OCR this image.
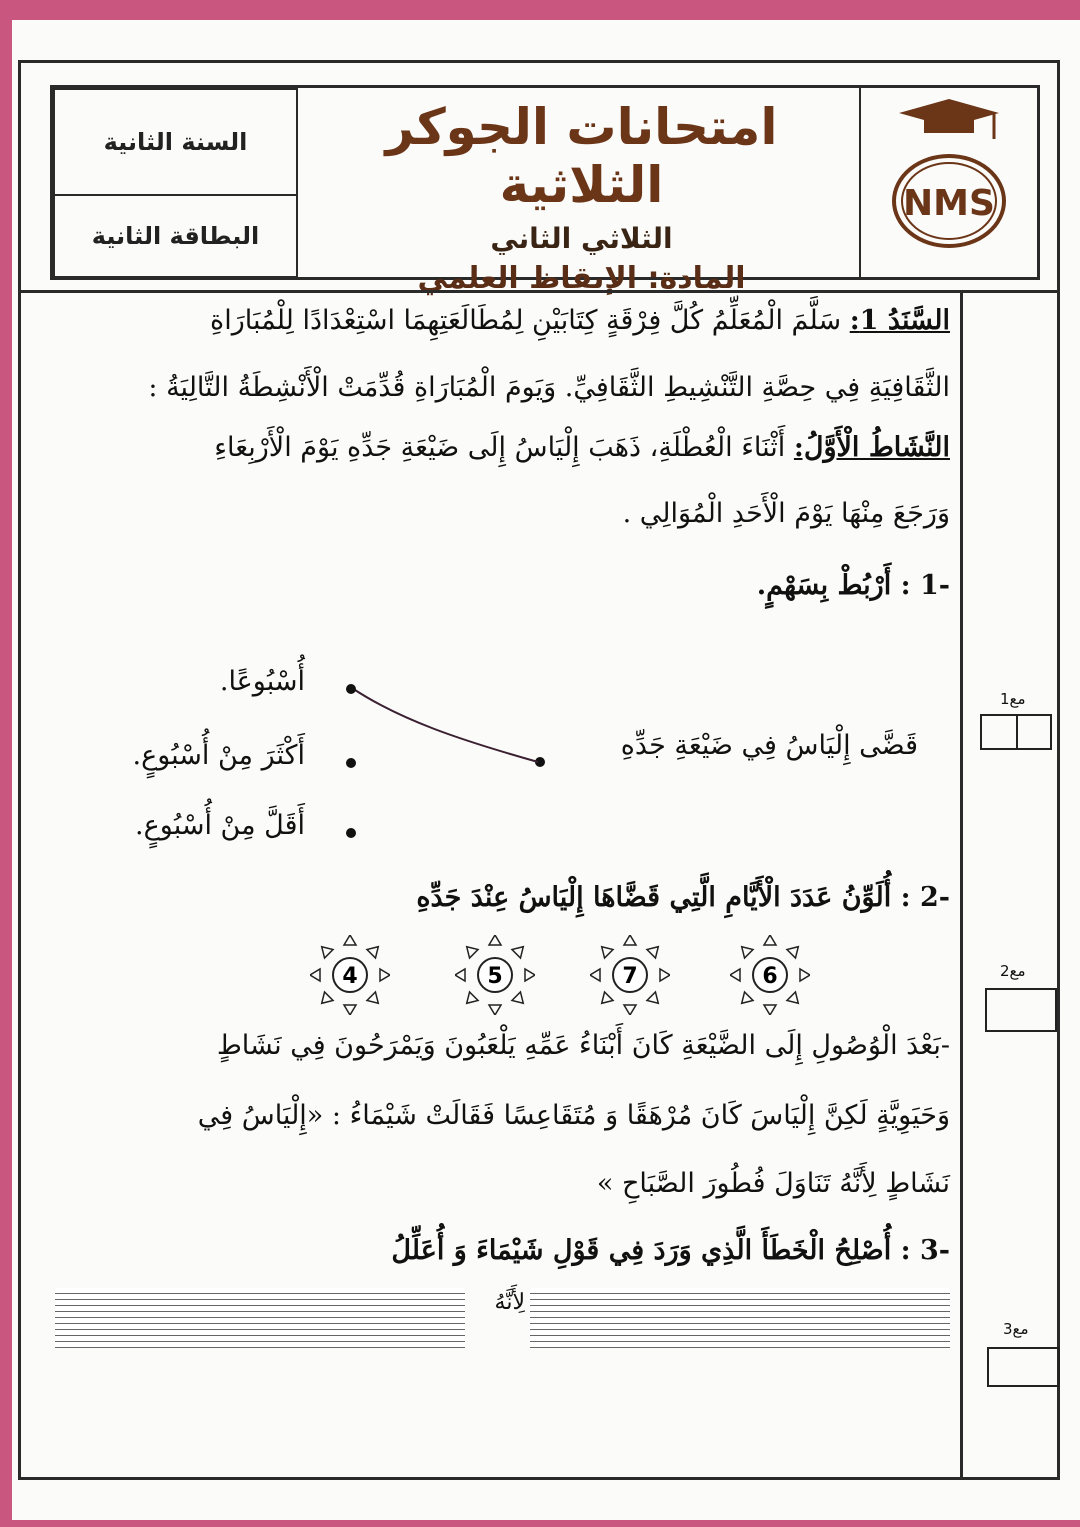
السنة الثانية
البطاقة الثانية
امتحانات الجوكر الثلاثية
الثلاثي الثاني
المادة: الإيقاظ العلمي
NMS
السَّنَدُ 1: سَلَّمَ الْمُعَلِّمُ كُلَّ فِرْقَةٍ كِتَابَيْنِ لِمُطَالَعَتِهِمَا اسْتِعْدَادًا لِلْمُبَارَاةِ
الثَّقَافِيَةِ فِي حِصَّةِ التَّنْشِيطِ الثَّقَافِيِّ. وَيَومَ الْمُبَارَاةِ قُدِّمَتْ الْأَنْشِطَةُ التَّالِيَةُ :
النَّشَاطُ الْأَوَّلُ: أَثْنَاءَ الْعُطْلَةِ، ذَهَبَ إِلْيَاسُ إِلَى ضَيْعَةِ جَدِّهِ يَوْمَ الْأَرْبِعَاءِ
وَرَجَعَ مِنْهَا يَوْمَ الْأَحَدِ الْمُوَالِي .
-1 : أَرْبُطْ بِسَهْمٍ.
قَضَّى إِلْيَاسُ فِي ضَيْعَةِ جَدِّهِ
أُسْبُوعًا.
أَكْثَرَ مِنْ أُسْبُوعٍ.
أَقَلَّ مِنْ أُسْبُوعٍ.
-2 : أُلَوِّنُ عَدَدَ الْأَيَّامِ الَّتِي قَضَّاهَا إِلْيَاسُ عِنْدَ جَدِّهِ
6
7
5
4
-بَعْدَ الْوُصُولِ إِلَى الضَّيْعَةِ كَانَ أَبْنَاءُ عَمِّهِ يَلْعَبُونَ وَيَمْرَحُونَ فِي نَشَاطٍ
وَحَيَوِيَّةٍ لَكِنَّ إِلْيَاسَ كَانَ مُرْهَقًا وَ مُتَقَاعِسًا فَقَالَتْ شَيْمَاءُ : «إِلْيَاسُ فِي
نَشَاطٍ لِأَنَّهُ تَنَاوَلَ فُطُورَ الصَّبَاحِ »
-3 : أُصْلِحُ الْخَطَأَ الَّذِي وَرَدَ فِي قَوْلِ شَيْمَاءَ وَ أُعَلِّلُ
لِأَنَّهُ
مع1
مع2
مع3
